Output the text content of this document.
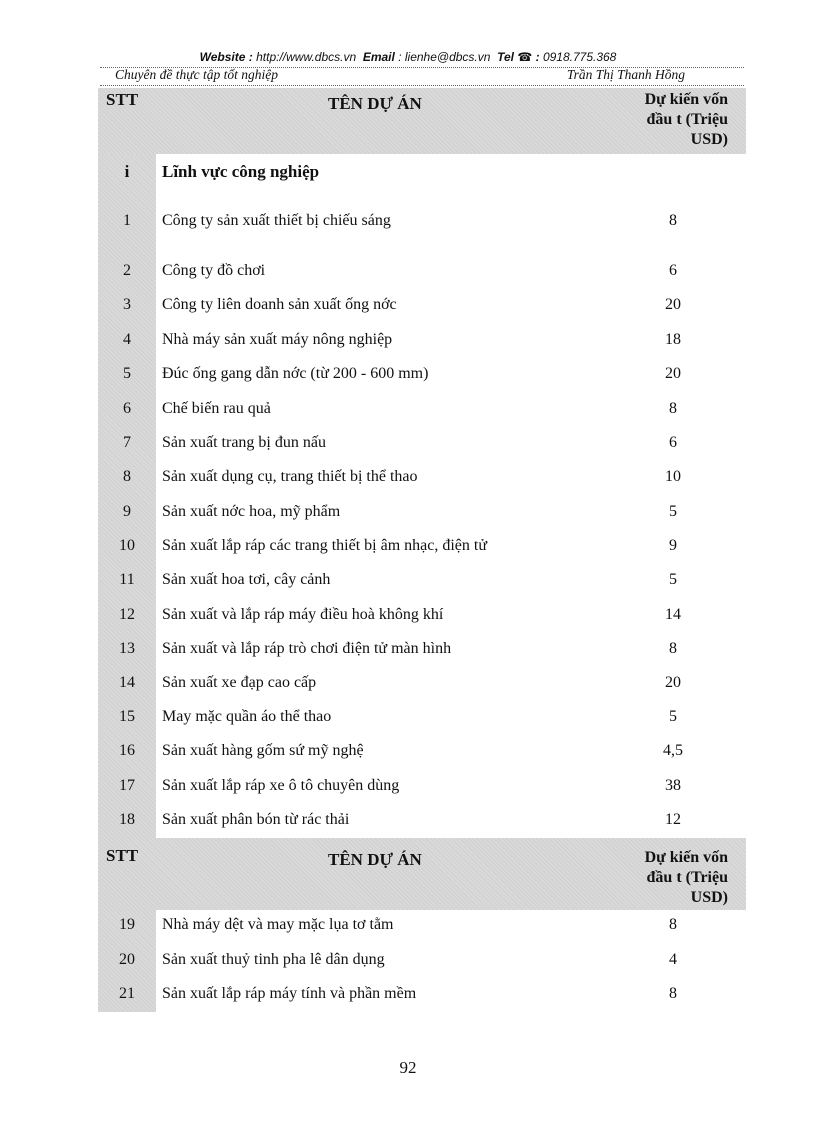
Website : http://www.dbcs.vn Email : lienhe@dbcs.vn Tel ☎ : 0918.775.368
Chuyên đề thực tập tốt nghiệp	Trần Thị Thanh Hồng
STT	TÊN DỰ ÁN	Dự kiến vốn
đầu t (Triệu
USD)
i	Lĩnh vực công nghiệp
1	Công ty sản xuất thiết bị chiếu sáng	8
2	Công ty đồ chơi	6
3	Công ty liên doanh sản xuất ống nớc	20
4	Nhà máy sản xuất máy nông nghiệp	18
5	Đúc ống gang dẫn nớc (từ 200 - 600 mm)	20
6	Chế biến rau quả	8
7	Sản xuất trang bị đun nấu	6
8	Sản xuất dụng cụ, trang thiết bị thể thao	10
9	Sản xuất nớc hoa, mỹ phẩm	5
10	Sản xuất lắp ráp các trang thiết bị âm nhạc, điện tử	9
11	Sản xuất hoa tơi, cây cảnh	5
12	Sản xuất và lắp ráp máy điều hoà không khí	14
13	Sản xuất và lắp ráp trò chơi điện tử màn hình	8
14	Sản xuất xe đạp cao cấp	20
15	May mặc quần áo thể thao	5
16	Sản xuất hàng gốm sứ mỹ nghệ	4,5
17	Sản xuất lắp ráp xe ô tô chuyên dùng	38
18	Sản xuất phân bón từ rác thải	12
STT	TÊN DỰ ÁN	Dự kiến vốn
đầu t (Triệu
USD)
19	Nhà máy dệt và may mặc lụa tơ tằm	8
20	Sản xuất thuỷ tinh pha lê dân dụng	4
21	Sản xuất lắp ráp máy tính và phần mềm	8
92
